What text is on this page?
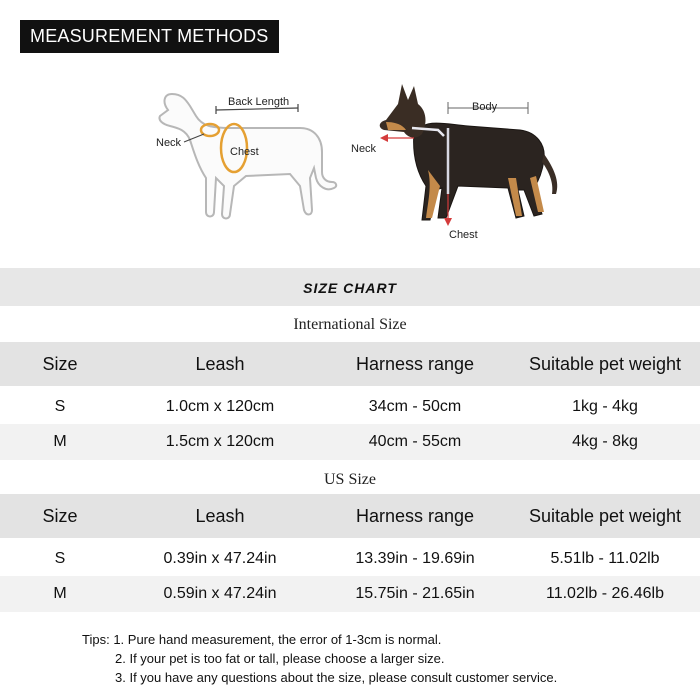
MEASUREMENT METHODS
Back Length
Neck
Chest
Body
Neck
Chest
SIZE CHART
International Size
Size	Leash	Harness range	Suitable pet weight
S	1.0cm x 120cm	34cm - 50cm	1kg - 4kg
M	1.5cm x 120cm	40cm - 55cm	4kg - 8kg
US Size
Size	Leash	Harness range	Suitable pet weight
S	0.39in x 47.24in	13.39in - 19.69in	5.51lb - 11.02lb
M	0.59in x 47.24in	15.75in - 21.65in	11.02lb - 26.46lb
Tips: 1. Pure hand measurement, the error of 1-3cm is normal.
2. If your pet is too fat or tall, please choose a larger size.
3. If you have any questions about the size, please consult customer service.
